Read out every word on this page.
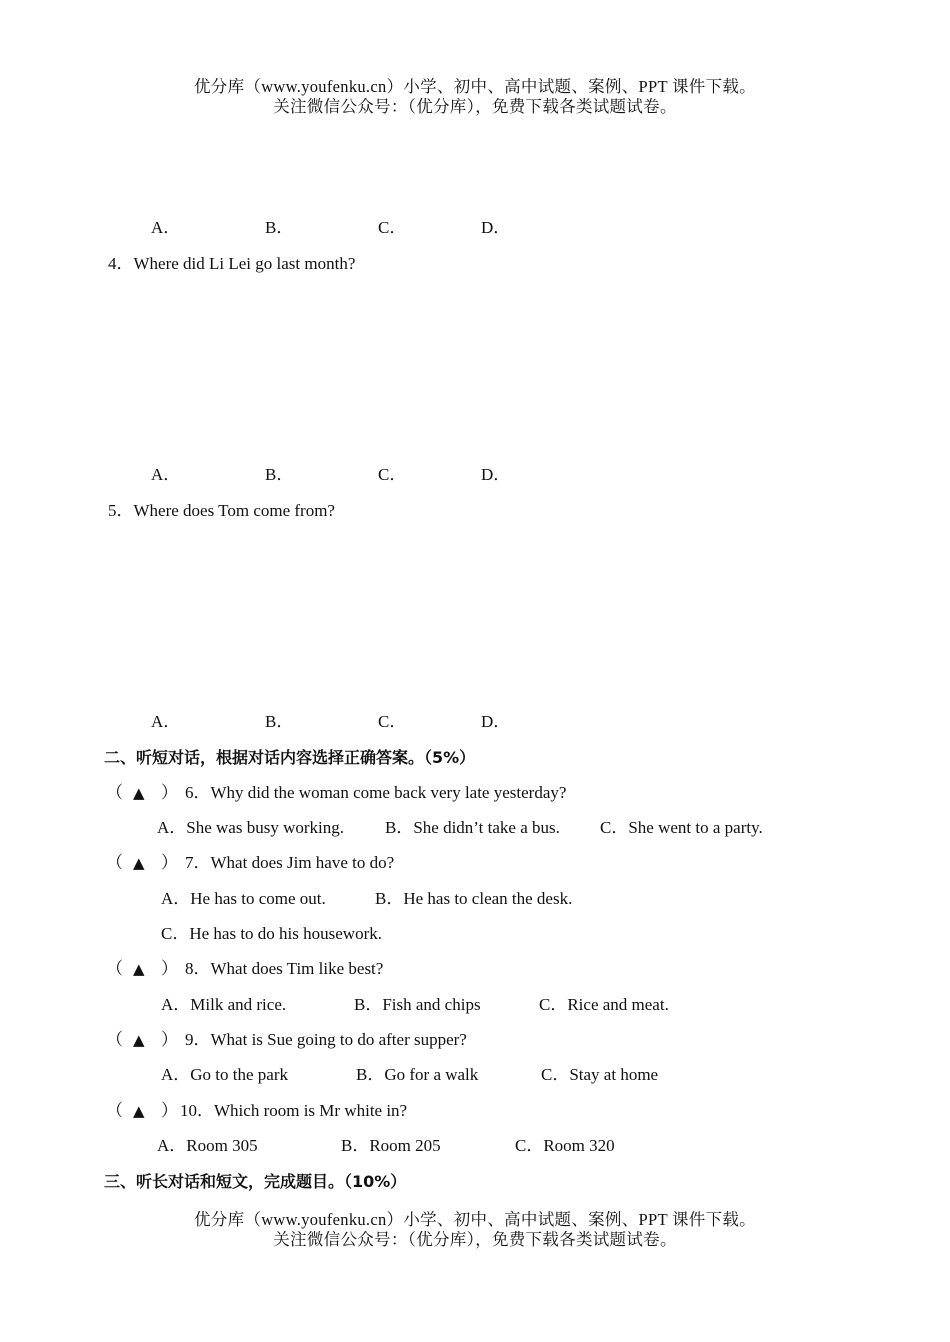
优分库（www.youfenku.cn）小学、初中、高中试题、案例、PPT 课件下载。
关注微信公众号：（优分库），免费下载各类试题试卷。
A．	B．	C．	D．
4．Where did Li Lei go last month?
A．	B．	C．	D．
5．Where does Tom come from?
A．	B．	C．	D．
二、听短对话，根据对话内容选择正确答案。（5%）
（ ▲ ） 6．Why did the woman come back very late yesterday?
A．She was busy working. B．She didn’t take a bus. C．She went to a party.
（ ▲ ） 7．What does Jim have to do?
A．He has to come out.	B．He has to clean the desk.
C．He has to do his housework.
（ ▲ ） 8．What does Tim like best?
A．Milk and rice.	B．Fish and chips	C．Rice and meat.
（ ▲ ） 9．What is Sue going to do after supper?
A．Go to the park	B．Go for a walk	C．Stay at home
（ ▲ ） 10．Which room is Mr white in?
A．Room 305	B．Room 205	C．Room 320
三、听长对话和短文，完成题目。（10%）
优分库（www.youfenku.cn）小学、初中、高中试题、案例、PPT 课件下载。
关注微信公众号：（优分库），免费下载各类试题试卷。
